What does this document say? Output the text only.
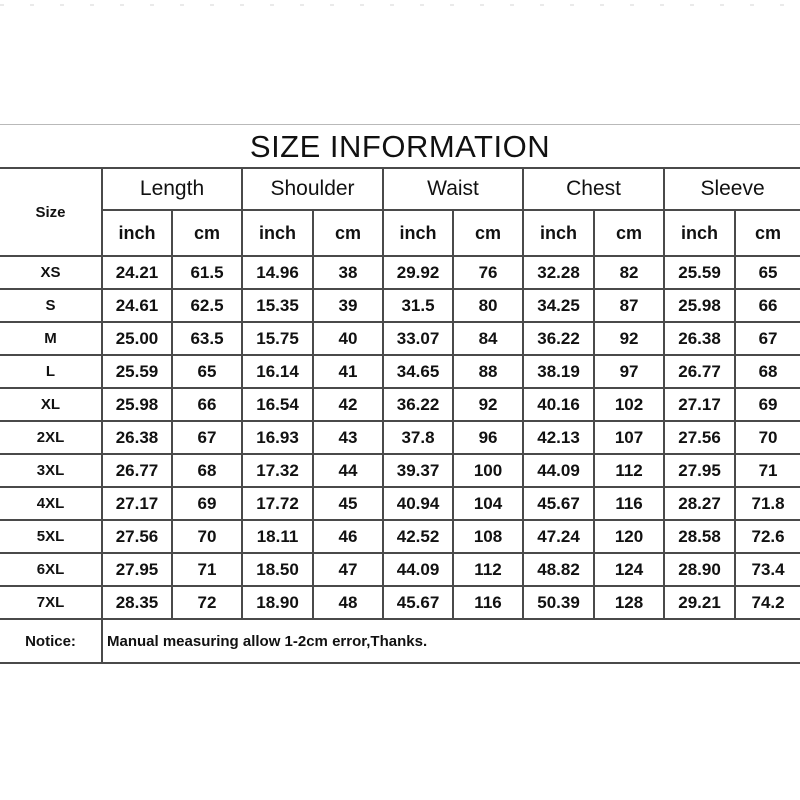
SIZE INFORMATION
Size	Length		Shoulder		Waist		Chest		Sleeve	
	inch	cm	inch	cm	inch	cm	inch	cm	inch	cm
XS	24.21	61.5	14.96	38	29.92	76	32.28	82	25.59	65
S	24.61	62.5	15.35	39	31.5	80	34.25	87	25.98	66
M	25.00	63.5	15.75	40	33.07	84	36.22	92	26.38	67
L	25.59	65	16.14	41	34.65	88	38.19	97	26.77	68
XL	25.98	66	16.54	42	36.22	92	40.16	102	27.17	69
2XL	26.38	67	16.93	43	37.8	96	42.13	107	27.56	70
3XL	26.77	68	17.32	44	39.37	100	44.09	112	27.95	71
4XL	27.17	69	17.72	45	40.94	104	45.67	116	28.27	71.8
5XL	27.56	70	18.11	46	42.52	108	47.24	120	28.58	72.6
6XL	27.95	71	18.50	47	44.09	112	48.82	124	28.90	73.4
7XL	28.35	72	18.90	48	45.67	116	50.39	128	29.21	74.2
Notice:	Manual measuring allow 1-2cm error,Thanks.									
